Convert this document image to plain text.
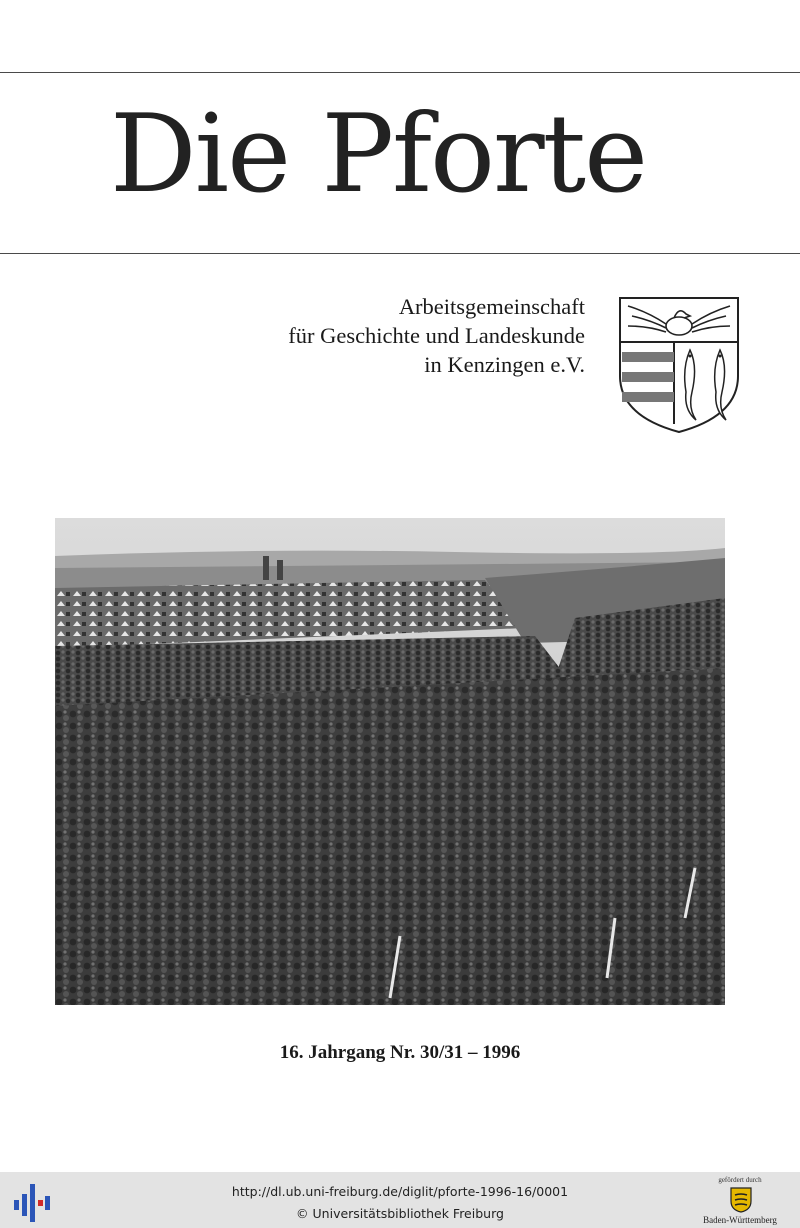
Die Pforte
Arbeitsgemeinschaft
für Geschichte und Landeskunde
in Kenzingen e.V.
16. Jahrgang Nr. 30/31 – 1996
http://dl.ub.uni-freiburg.de/diglit/pforte-1996-16/0001
© Universitätsbibliothek Freiburg
gefördert durch
Baden-Württemberg
